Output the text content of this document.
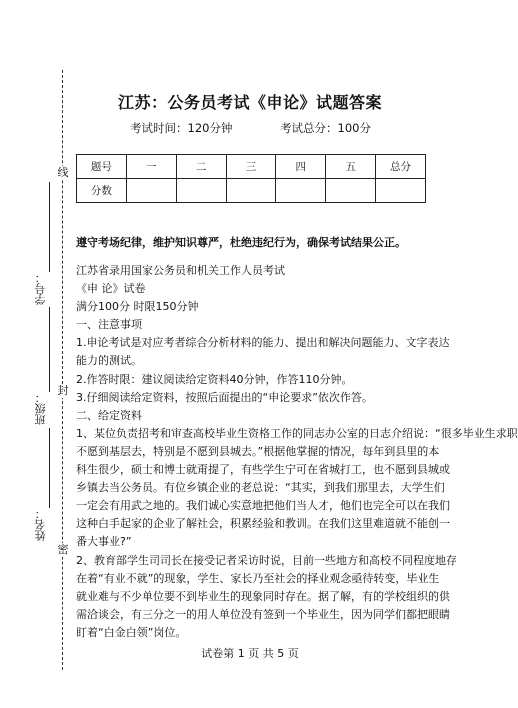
线
封
密
学号：
班级：
姓名：
江苏：公务员考试《申论》试题答案
考试时间：120分钟	考试总分：100分
题号	一	二	三	四	五	总分
分数						
遵守考场纪律，维护知识尊严，杜绝违纪行为，确保考试结果公正。

江苏省录用国家公务员和机关工作人员考试

《申 论》试卷

满分100分 时限150分钟

一、注意事项

1.申论考试是对应考者综合分析材料的能力、提出和解决问题能力、文字表达

能力的测试。

2.作答时限：建议阅读给定资料40分钟，作答110分钟。

3.仔细阅读给定资料，按照后面提出的“申论要求”依次作答。

二、给定资料

1、某位负责招考和审查高校毕业生资格工作的同志办公室的日志介绍说：“很多毕业生求职

不愿到基层去，特别是不愿到县城去。”根据他掌握的情况，每年到县里的本

科生很少，硕士和博士就甭提了，有些学生宁可在省城打工，也不愿到县城或

乡镇去当公务员。有位乡镇企业的老总说：“其实，到我们那里去，大学生们

一定会有用武之地的。我们诚心实意地把他们当人才，他们也完全可以在我们

这种白手起家的企业了解社会，积累经验和教训。在我们这里难道就不能创一

番大事业?”

2、教育部学生司司长在接受记者采访时说，目前一些地方和高校不同程度地存

在着“有业不就”的现象，学生、家长乃至社会的择业观念亟待转变，毕业生

就业难与不少单位要不到毕业生的现象同时存在。据了解，有的学校组织的供

需洽谈会，有三分之一的用人单位没有签到一个毕业生，因为同学们都把眼睛

盯着“白金白领”岗位。

试卷第 1 页 共 5 页
